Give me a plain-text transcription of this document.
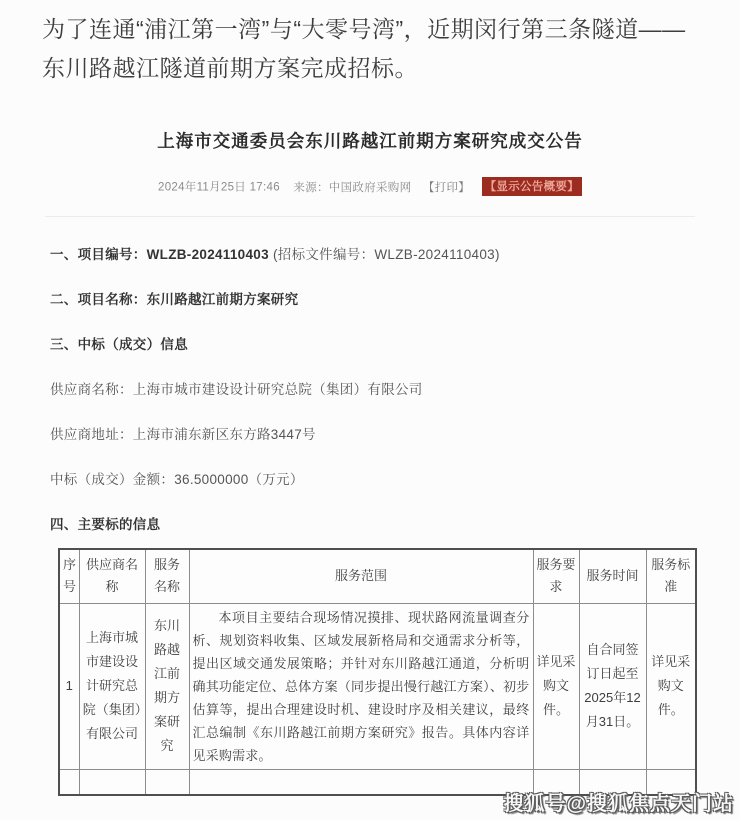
为了连通“浦江第一湾”与“大零号湾”，近期闵行第三条隧道——东川路越江隧道前期方案完成招标。
上海市交通委员会东川路越江前期方案研究成交公告
2024年11月25日 17:46 来源：中国政府采购网 【打印】 【显示公告概要】
一、项目编号：WLZB-2024110403 (招标文件编号：WLZB-2024110403)
二、项目名称：东川路越江前期方案研究
三、中标（成交）信息
供应商名称：上海市城市建设设计研究总院（集团）有限公司
供应商地址：上海市浦东新区东方路3447号
中标（成交）金额：36.5000000（万元）
四、主要标的信息
序号	供应商名称	服务名称	服务范围	服务要求	服务时间	服务标准
1	上海市城市建设设计研究总院（集团）有限公司	东川路越江前期方案研究	本项目主要结合现场情况摸排、现状路网流量调查分析、规划资料收集、区域发展新格局和交通需求分析等，提出区域交通发展策略；并针对东川路越江通道，分析明确其功能定位、总体方案（同步提出慢行越江方案）、初步估算等，提出合理建设时机、建设时序及相关建议，最终汇总编制《东川路越江前期方案研究》报告。具体内容详见采购需求。	详见采购文件。	自合同签订日起至2025年12月31日。	详见采购文件。

搜狐号@搜狐焦点天门站
